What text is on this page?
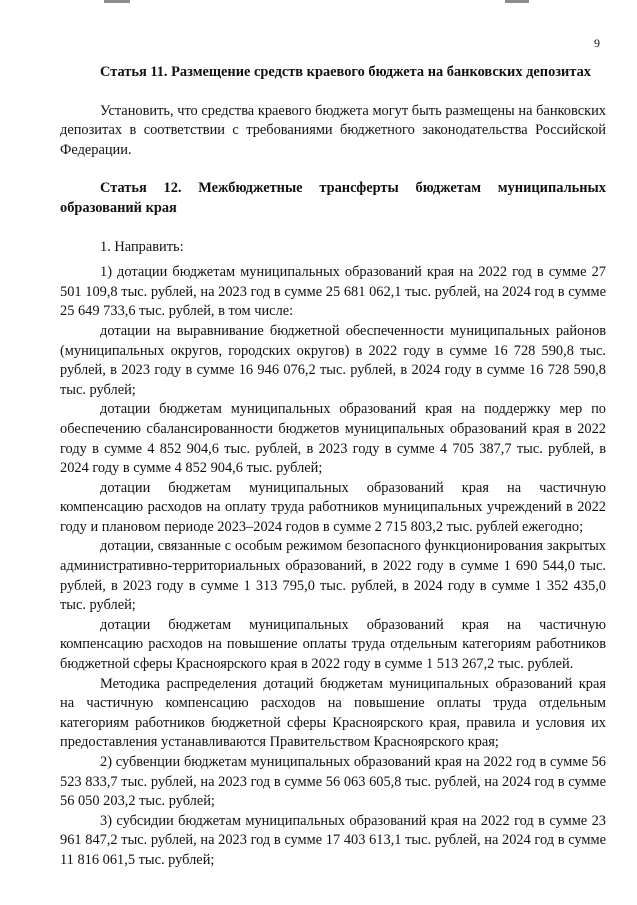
9

Статья 11. Размещение средств краевого бюджета на банковских депозитах

Установить, что средства краевого бюджета могут быть размещены на банковских депозитах в соответствии с требованиями бюджетного законодательства Российской Федерации.

Статья 12. Межбюджетные трансферты бюджетам муниципальных образований края

1. Направить:

1) дотации бюджетам муниципальных образований края на 2022 год в сумме 27 501 109,8 тыс. рублей, на 2023 год в сумме 25 681 062,1 тыс. рублей, на 2024 год в сумме 25 649 733,6 тыс. рублей, в том числе:

дотации на выравнивание бюджетной обеспеченности муниципальных районов (муниципальных округов, городских округов) в 2022 году в сумме 16 728 590,8 тыс. рублей, в 2023 году в сумме 16 946 076,2 тыс. рублей, в 2024 году в сумме 16 728 590,8 тыс. рублей;

дотации бюджетам муниципальных образований края на поддержку мер по обеспечению сбалансированности бюджетов муниципальных образований края в 2022 году в сумме 4 852 904,6 тыс. рублей, в 2023 году в сумме 4 705 387,7 тыс. рублей, в 2024 году в сумме 4 852 904,6 тыс. рублей;

дотации бюджетам муниципальных образований края на частичную компенсацию расходов на оплату труда работников муниципальных учреждений в 2022 году и плановом периоде 2023–2024 годов в сумме 2 715 803,2 тыс. рублей ежегодно;

дотации, связанные с особым режимом безопасного функционирования закрытых административно-территориальных образований, в 2022 году в сумме 1 690 544,0 тыс. рублей, в 2023 году в сумме 1 313 795,0 тыс. рублей, в 2024 году в сумме 1 352 435,0 тыс. рублей;

дотации бюджетам муниципальных образований края на частичную компенсацию расходов на повышение оплаты труда отдельным категориям работников бюджетной сферы Красноярского края в 2022 году в сумме 1 513 267,2 тыс. рублей.

Методика распределения дотаций бюджетам муниципальных образований края на частичную компенсацию расходов на повышение оплаты труда отдельным категориям работников бюджетной сферы Красноярского края, правила и условия их предоставления устанавливаются Правительством Красноярского края;

2) субвенции бюджетам муниципальных образований края на 2022 год в сумме 56 523 833,7 тыс. рублей, на 2023 год в сумме 56 063 605,8 тыс. рублей, на 2024 год в сумме 56 050 203,2 тыс. рублей;

3) субсидии бюджетам муниципальных образований края на 2022 год в сумме 23 961 847,2 тыс. рублей, на 2023 год в сумме 17 403 613,1 тыс. рублей, на 2024 год в сумме 11 816 061,5 тыс. рублей;
